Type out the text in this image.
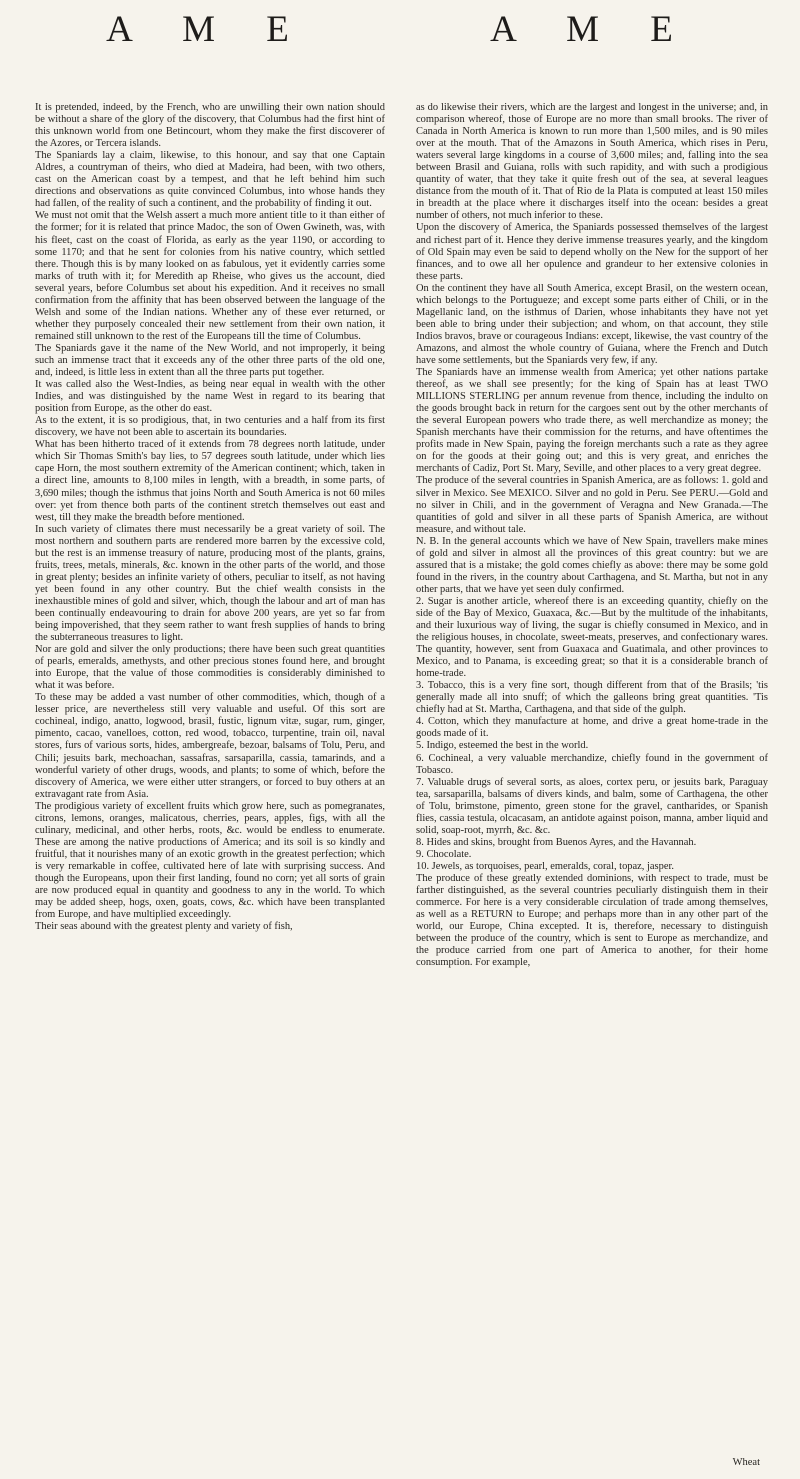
A M E	A M E

It is pretended, indeed, by the French, who are unwilling their own nation should be without a share of the glory of the discovery, that Columbus had the first hint of this unknown world from one Betincourt, whom they make the first discoverer of the Azores, or Tercera islands.

The Spaniards lay a claim, likewise, to this honour, and say that one Captain Aldres, a countryman of theirs, who died at Madeira, had been, with two others, cast on the American coast by a tempest, and that he left behind him such directions and observations as quite convinced Columbus, into whose hands they had fallen, of the reality of such a continent, and the probability of finding it out.

We must not omit that the Welsh assert a much more antient title to it than either of the former; for it is related that prince Madoc, the son of Owen Gwineth, was, with his fleet, cast on the coast of Florida, as early as the year 1190, or according to some 1170; and that he sent for colonies from his native country, which settled there. Though this is by many looked on as fabulous, yet it evidently carries some marks of truth with it; for Meredith ap Rheise, who gives us the account, died several years, before Columbus set about his expedition. And it receives no small confirmation from the affinity that has been observed between the language of the Welsh and some of the Indian nations. Whether any of these ever returned, or whether they purposely concealed their new settlement from their own nation, it remained still unknown to the rest of the Europeans till the time of Columbus.

The Spaniards gave it the name of the New World, and not improperly, it being such an immense tract that it exceeds any of the other three parts of the old one, and, indeed, is little less in extent than all the three parts put together.

It was called also the West-Indies, as being near equal in wealth with the other Indies, and was distinguished by the name West in regard to its bearing that position from Europe, as the other do east.

As to the extent, it is so prodigious, that, in two centuries and a half from its first discovery, we have not been able to ascertain its boundaries.

What has been hitherto traced of it extends from 78 degrees north latitude, under which Sir Thomas Smith's bay lies, to 57 degrees south latitude, under which lies cape Horn, the most southern extremity of the American continent; which, taken in a direct line, amounts to 8,100 miles in length, with a breadth, in some parts, of 3,690 miles; though the isthmus that joins North and South America is not 60 miles over: yet from thence both parts of the continent stretch themselves out east and west, till they make the breadth before mentioned.

In such variety of climates there must necessarily be a great variety of soil. The most northern and southern parts are rendered more barren by the excessive cold, but the rest is an immense treasury of nature, producing most of the plants, grains, fruits, trees, metals, minerals, &c. known in the other parts of the world, and those in great plenty; besides an infinite variety of others, peculiar to itself, as not having yet been found in any other country. But the chief wealth consists in the inexhaustible mines of gold and silver, which, though the labour and art of man has been continually endeavouring to drain for above 200 years, are yet so far from being impoverished, that they seem rather to want fresh supplies of hands to bring the subterraneous treasures to light.

Nor are gold and silver the only productions; there have been such great quantities of pearls, emeralds, amethysts, and other precious stones found here, and brought into Europe, that the value of those commodities is considerably diminished to what it was before.

To these may be added a vast number of other commodities, which, though of a lesser price, are nevertheless still very valuable and useful. Of this sort are cochineal, indigo, anatto, logwood, brasil, fustic, lignum vitæ, sugar, rum, ginger, pimento, cacao, vanelloes, cotton, red wood, tobacco, turpentine, train oil, naval stores, furs of various sorts, hides, ambergreafe, bezoar, balsams of Tolu, Peru, and Chili; jesuits bark, mechoachan, sassafras, sarsaparilla, cassia, tamarinds, and a wonderful variety of other drugs, woods, and plants; to some of which, before the discovery of America, we were either utter strangers, or forced to buy others at an extravagant rate from Asia.

The prodigious variety of excellent fruits which grow here, such as pomegranates, citrons, lemons, oranges, malicatous, cherries, pears, apples, figs, with all the culinary, medicinal, and other herbs, roots, &c. would be endless to enumerate. These are among the native productions of America; and its soil is so kindly and fruitful, that it nourishes many of an exotic growth in the greatest perfection; which is very remarkable in coffee, cultivated here of late with surprising success. And though the Europeans, upon their first landing, found no corn; yet all sorts of grain are now produced equal in quantity and goodness to any in the world. To which may be added sheep, hogs, oxen, goats, cows, &c. which have been transplanted from Europe, and have multiplied exceedingly.

Their seas abound with the greatest plenty and variety of fish,

as do likewise their rivers, which are the largest and longest in the universe; and, in comparison whereof, those of Europe are no more than small brooks. The river of Canada in North America is known to run more than 1,500 miles, and is 90 miles over at the mouth. That of the Amazons in South America, which rises in Peru, waters several large kingdoms in a course of 3,600 miles; and, falling into the sea between Brasil and Guiana, rolls with such rapidity, and with such a prodigious quantity of water, that they take it quite fresh out of the sea, at several leagues distance from the mouth of it. That of Rio de la Plata is computed at least 150 miles in breadth at the place where it discharges itself into the ocean: besides a great number of others, not much inferior to these.

Upon the discovery of America, the Spaniards possessed themselves of the largest and richest part of it. Hence they derive immense treasures yearly, and the kingdom of Old Spain may even be said to depend wholly on the New for the support of her finances, and to owe all her opulence and grandeur to her extensive colonies in these parts.

On the continent they have all South America, except Brasil, on the western ocean, which belongs to the Portugueze; and except some parts either of Chili, or in the Magellanic land, on the isthmus of Darien, whose inhabitants they have not yet been able to bring under their subjection; and whom, on that account, they stile Indios bravos, brave or courageous Indians: except, likewise, the vast country of the Amazons, and almost the whole country of Guiana, where the French and Dutch have some settlements, but the Spaniards very few, if any.

The Spaniards have an immense wealth from America; yet other nations partake thereof, as we shall see presently; for the king of Spain has at least TWO MILLIONS STERLING per annum revenue from thence, including the indulto on the goods brought back in return for the cargoes sent out by the other merchants of the several European powers who trade there, as well merchandize as money; the Spanish merchants have their commission for the returns, and have oftentimes the profits made in New Spain, paying the foreign merchants such a rate as they agree on for the goods at their going out; and this is very great, and enriches the merchants of Cadiz, Port St. Mary, Seville, and other places to a very great degree.

The produce of the several countries in Spanish America, are as follows: 1. gold and silver in Mexico. See MEXICO. Silver and no gold in Peru. See PERU.—Gold and no silver in Chili, and in the government of Veragna and New Granada.—The quantities of gold and silver in all these parts of Spanish America, are without measure, and without tale.

N. B. In the general accounts which we have of New Spain, travellers make mines of gold and silver in almost all the provinces of this great country: but we are assured that is a mistake; the gold comes chiefly as above: there may be some gold found in the rivers, in the country about Carthagena, and St. Martha, but not in any other parts, that we have yet seen duly confirmed.

2. Sugar is another article, whereof there is an exceeding quantity, chiefly on the side of the Bay of Mexico, Guaxaca, &c.—But by the multitude of the inhabitants, and their luxurious way of living, the sugar is chiefly consumed in Mexico, and in the religious houses, in chocolate, sweet-meats, preserves, and confectionary wares. The quantity, however, sent from Guaxaca and Guatimala, and other provinces to Mexico, and to Panama, is exceeding great; so that it is a considerable branch of home-trade.

3. Tobacco, this is a very fine sort, though different from that of the Brasils; 'tis generally made all into snuff; of which the galleons bring great quantities. 'Tis chiefly had at St. Martha, Carthagena, and that side of the gulph.

4. Cotton, which they manufacture at home, and drive a great home-trade in the goods made of it.

5. Indigo, esteemed the best in the world.

6. Cochineal, a very valuable merchandize, chiefly found in the government of Tobasco.

7. Valuable drugs of several sorts, as aloes, cortex peru, or jesuits bark, Paraguay tea, sarsaparilla, balsams of divers kinds, and balm, some of Carthagena, the other of Tolu, brimstone, pimento, green stone for the gravel, cantharides, or Spanish flies, cassia testula, olcacasam, an antidote against poison, manna, amber liquid and solid, soap-root, myrrh, &c. &c.

8. Hides and skins, brought from Buenos Ayres, and the Havannah.

9. Chocolate.

10. Jewels, as torquoises, pearl, emeralds, coral, topaz, jasper.

The produce of these greatly extended dominions, with respect to trade, must be farther distinguished, as the several countries peculiarly distinguish them in their commerce. For here is a very considerable circulation of trade among themselves, as well as a RETURN to Europe; and perhaps more than in any other part of the world, our Europe, China excepted. It is, therefore, necessary to distinguish between the produce of the country, which is sent to Europe as merchandize, and the produce carried from one part of America to another, for their home consumption. For example,

Wheat
